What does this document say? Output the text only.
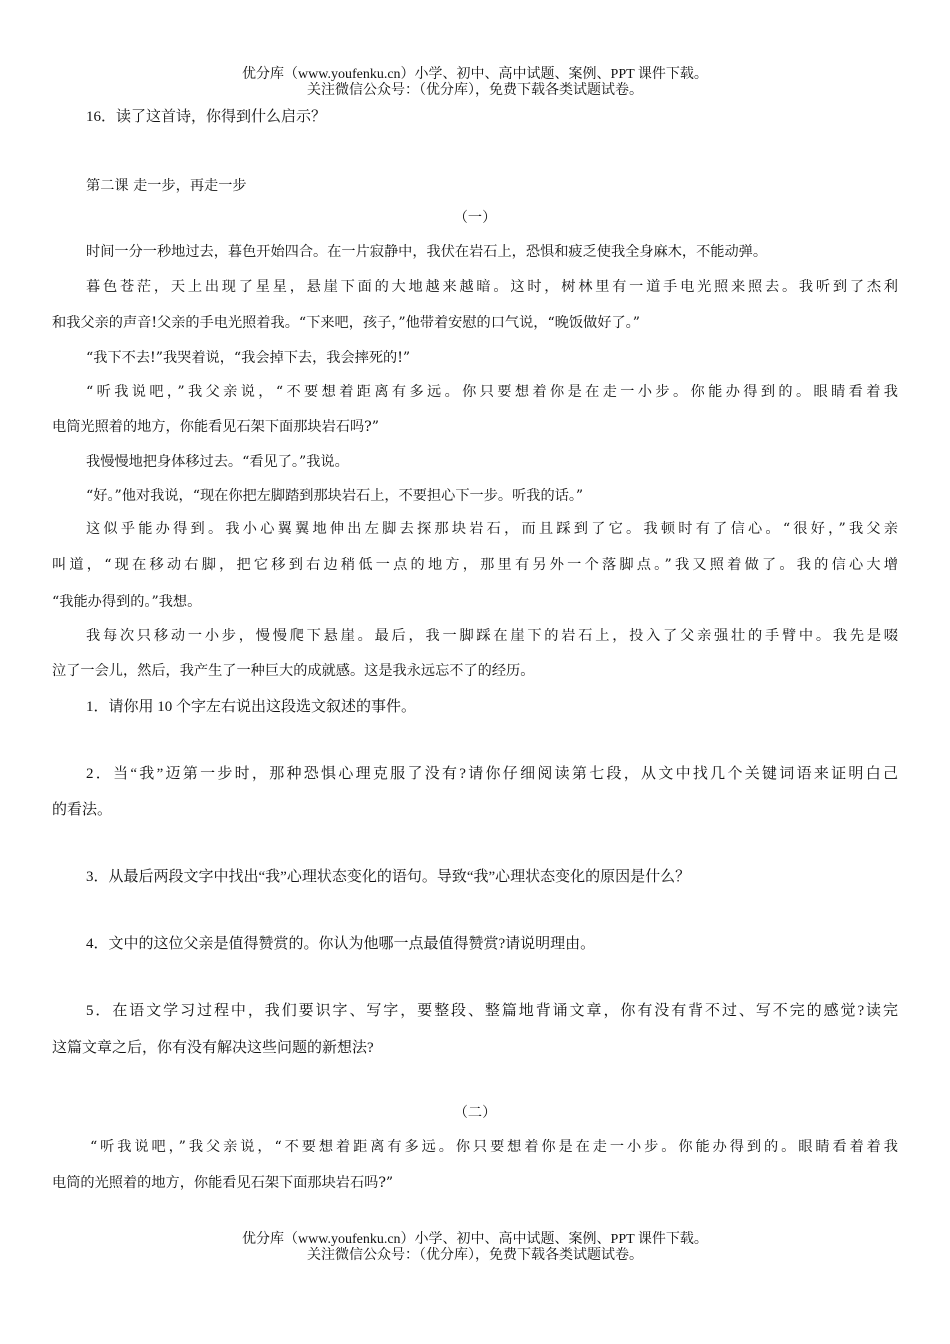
优分库（www.youfenku.cn）小学、初中、高中试题、案例、PPT 课件下载。
关注微信公众号：（优分库），免费下载各类试题试卷。
16．读了这首诗，你得到什么启示？
第二课 走一步，再走一步
（一）
时间一分一秒地过去，暮色开始四合。在一片寂静中，我伏在岩石上，恐惧和疲乏使我全身麻木，不能动弹。
暮色苍茫，天上出现了星星，悬崖下面的大地越来越暗。这时，树林里有一道手电光照来照去。我听到了杰利
和我父亲的声音!父亲的手电光照着我。“下来吧，孩子，”他带着安慰的口气说，“晚饭做好了。”
“我下不去!”我哭着说，“我会掉下去，我会摔死的!”
“听我说吧，”我父亲说，“不要想着距离有多远。你只要想着你是在走一小步。你能办得到的。眼睛看着我
电筒光照着的地方，你能看见石架下面那块岩石吗?”
我慢慢地把身体移过去。“看见了。”我说。
“好。”他对我说，“现在你把左脚踏到那块岩石上，不要担心下一步。听我的话。”
这似乎能办得到。我小心翼翼地伸出左脚去探那块岩石，而且踩到了它。我顿时有了信心。“很好，”我父亲
叫道，“现在移动右脚，把它移到右边稍低一点的地方，那里有另外一个落脚点。”我又照着做了。我的信心大增
“我能办得到的。”我想。
我每次只移动一小步，慢慢爬下悬崖。最后，我一脚踩在崖下的岩石上，投入了父亲强壮的手臂中。我先是啜
泣了一会儿，然后，我产生了一种巨大的成就感。这是我永远忘不了的经历。
1．请你用 10 个字左右说出这段选文叙述的事件。
2．当“我”迈第一步时，那种恐惧心理克服了没有?请你仔细阅读第七段，从文中找几个关键词语来证明白己
的看法。
3．从最后两段文字中找出“我”心理状态变化的语句。导致“我”心理状态变化的原因是什么？
4．文中的这位父亲是值得赞赏的。你认为他哪一点最值得赞赏?请说明理由。
5．在语文学习过程中，我们要识字、写字，要整段、整篇地背诵文章，你有没有背不过、写不完的感觉?读完
这篇文章之后，你有没有解决这些问题的新想法?
（二）
“听我说吧，”我父亲说，“不要想着距离有多远。你只要想着你是在走一小步。你能办得到的。眼睛看着着我
电筒的光照着的地方，你能看见石架下面那块岩石吗?”
优分库（www.youfenku.cn）小学、初中、高中试题、案例、PPT 课件下载。
关注微信公众号：（优分库），免费下载各类试题试卷。
